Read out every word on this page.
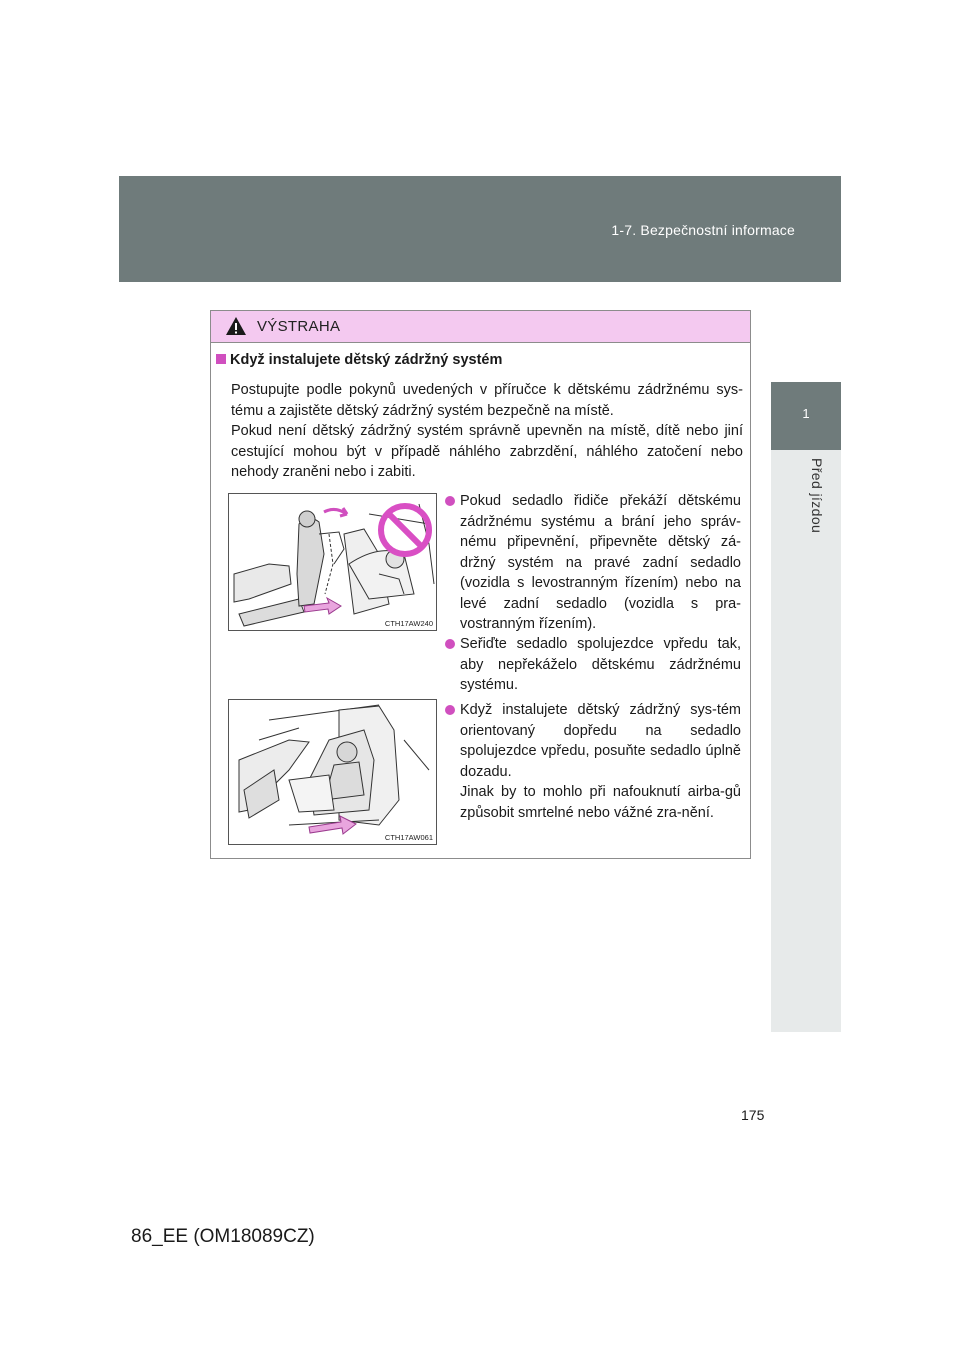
1-7. Bezpečnostní informace
1
Před jízdou
VÝSTRAHA
Když instalujete dětský zádržný systém

Postupujte podle pokynů uvedených v příručce k dětskému zádržnému sys-tému a zajistěte dětský zádržný systém bezpečně na místě.

Pokud není dětský zádržný systém správně upevněn na místě, dítě nebo jiní cestující mohou být v případě náhlého zabrzdění, náhlého zatočení nebo nehody zraněni nebo i zabiti.

CTH17AW240
CTH17AW061
Pokud sedadlo řidiče překáží dětskému zádržnému systému a brání jeho správ-nému připevnění, připevněte dětský zá-držný systém na pravé zadní sedadlo (vozidla s levostranným řízením) nebo na levé zadní sedadlo (vozidla s pra-vostranným řízením).
Seřiďte sedadlo spolujezdce vpředu tak, aby nepřekáželo dětskému zádržnému systému.
Když instalujete dětský zádržný sys-tém orientovaný dopředu na sedadlo spolujezdce vpředu, posuňte sedadlo úplně dozadu.
Jinak by to mohlo při nafouknutí airba-gů způsobit smrtelné nebo vážné zra-nění.
175
86_EE (OM18089CZ)
